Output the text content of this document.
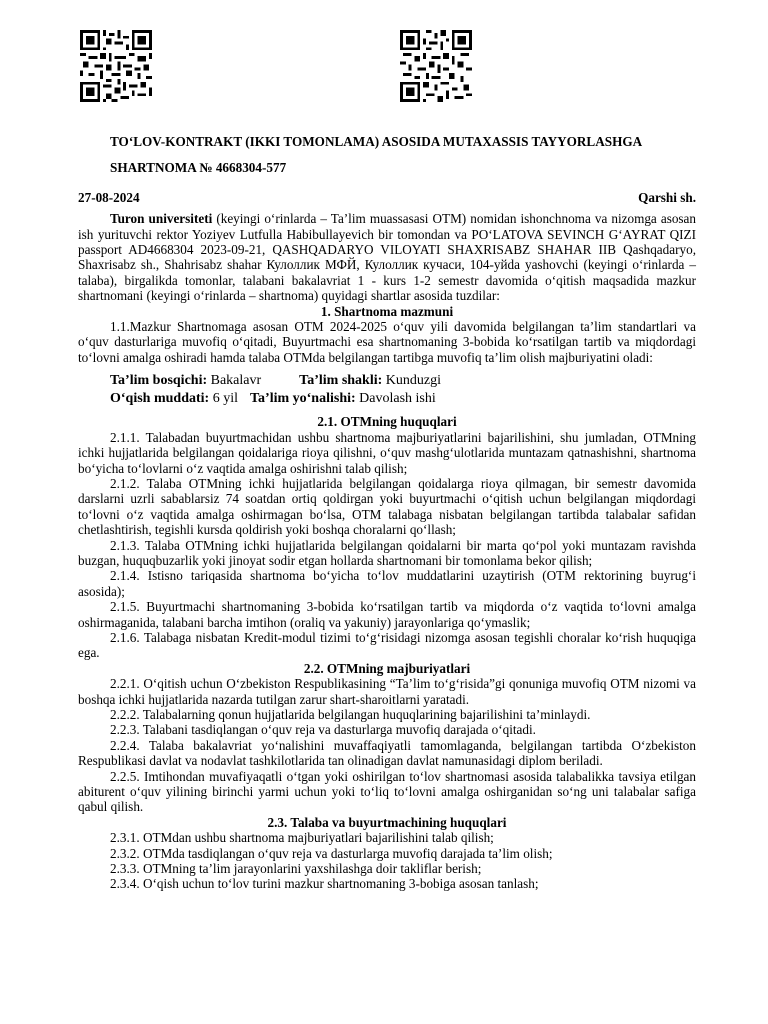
TO‘LOV-KONTRAKT (IKKI TOMONLAMA) ASOSIDA MUTAXASSIS TAYYORLASHGA
SHARTNOMA № 4668304-577
27-08-2024	Qarshi sh.

Turon universiteti (keyingi o‘rinlarda – Ta’lim muassasasi OTM) nomidan ishonchnoma va nizomga asosan ish yurituvchi rektor Yoziyev Lutfulla Habibullayevich bir tomondan va PO‘LATOVA SEVINCH G‘AYRAT QIZI passport AD4668304 2023-09-21, QASHQADARYO VILOYATI SHAXRISABZ SHAHAR IIB Qashqadaryo, Shaxrisabz sh., Shahrisabz shahar Кулоллик МФЙ, Кулоллик кучаси, 104-уйda yashovchi (keyingi o‘rinlarda – talaba), birgalikda tomonlar, talabani bakalavriat 1 - kurs 1-2 semestr davomida o‘qitish maqsadida mazkur shartnomani (keyingi o‘rinlarda – shartnoma) quyidagi shartlar asosida tuzdilar:

1. Shartnoma mazmuni

1.1.Mazkur Shartnomaga asosan OTM 2024-2025 o‘quv yili davomida belgilangan ta’lim standartlari va o‘quv dasturlariga muvofiq o‘qitadi, Buyurtmachi esa shartnomaning 3-bobida ko‘rsatilgan tartib va miqdordagi to‘lovni amalga oshiradi hamda talaba OTMda belgilangan tartibga muvofiq ta’lim olish majburiyatini oladi:

Ta’lim bosqichi: Bakalavr	Ta’lim shakli: Kunduzgi
O‘qish muddati: 6 yil Ta’lim yo‘nalishi: Davolash ishi
2.1. OTMning huquqlari

2.1.1. Talabadan buyurtmachidan ushbu shartnoma majburiyatlarini bajarilishini, shu jumladan, OTMning ichki hujjatlarida belgilangan qoidalariga rioya qilishni, o‘quv mashg‘ulotlarida muntazam qatnashishni, shartnoma bo‘yicha to‘lovlarni o‘z vaqtida amalga oshirishni talab qilish;

2.1.2. Talaba OTMning ichki hujjatlarida belgilangan qoidalarga rioya qilmagan, bir semestr davomida darslarni uzrli sabablarsiz 74 soatdan ortiq qoldirgan yoki buyurtmachi o‘qitish uchun belgilangan miqdordagi to‘lovni o‘z vaqtida amalga oshirmagan bo‘lsa, OTM talabaga nisbatan belgilangan tartibda talabalar safidan chetlashtirish, tegishli kursda qoldirish yoki boshqa choralarni qo‘llash;

2.1.3. Talaba OTMning ichki hujjatlarida belgilangan qoidalarni bir marta qo‘pol yoki muntazam ravishda buzgan, huquqbuzarlik yoki jinoyat sodir etgan hollarda shartnomani bir tomonlama bekor qilish;

2.1.4. Istisno tariqasida shartnoma bo‘yicha to‘lov muddatlarini uzaytirish (OTM rektorining buyrug‘i asosida);

2.1.5. Buyurtmachi shartnomaning 3-bobida ko‘rsatilgan tartib va miqdorda o‘z vaqtida to‘lovni amalga oshirmaganida, talabani barcha imtihon (oraliq va yakuniy) jarayonlariga qo‘ymaslik;

2.1.6. Talabaga nisbatan Kredit-modul tizimi to‘g‘risidagi nizomga asosan tegishli choralar ko‘rish huquqiga ega.

2.2. OTMning majburiyatlari

2.2.1. O‘qitish uchun O‘zbekiston Respublikasining “Ta’lim to‘g‘risida”gi qonuniga muvofiq OTM nizomi va boshqa ichki hujjatlarida nazarda tutilgan zarur shart-sharoitlarni yaratadi.

2.2.2. Talabalarning qonun hujjatlarida belgilangan huquqlarining bajarilishini ta’minlaydi.

2.2.3. Talabani tasdiqlangan o‘quv reja va dasturlarga muvofiq darajada o‘qitadi.

2.2.4. Talaba bakalavriat yo‘nalishini muvaffaqiyatli tamomlaganda, belgilangan tartibda O‘zbekiston Respublikasi davlat va nodavlat tashkilotlarida tan olinadigan davlat namunasidagi diplom beriladi.

2.2.5. Imtihondan muvafiyaqatli o‘tgan yoki oshirilgan to‘lov shartnomasi asosida talabalikka tavsiya etilgan abiturent o‘quv yilining birinchi yarmi uchun yoki to‘liq to‘lovni amalga oshirganidan so‘ng uni talabalar safiga qabul qilish.

2.3. Talaba va buyurtmachining huquqlari

2.3.1. OTMdan ushbu shartnoma majburiyatlari bajarilishini talab qilish;

2.3.2. OTMda tasdiqlangan o‘quv reja va dasturlarga muvofiq darajada ta’lim olish;

2.3.3. OTMning ta’lim jarayonlarini yaxshilashga doir takliflar berish;

2.3.4. O‘qish uchun to‘lov turini mazkur shartnomaning 3-bobiga asosan tanlash;
